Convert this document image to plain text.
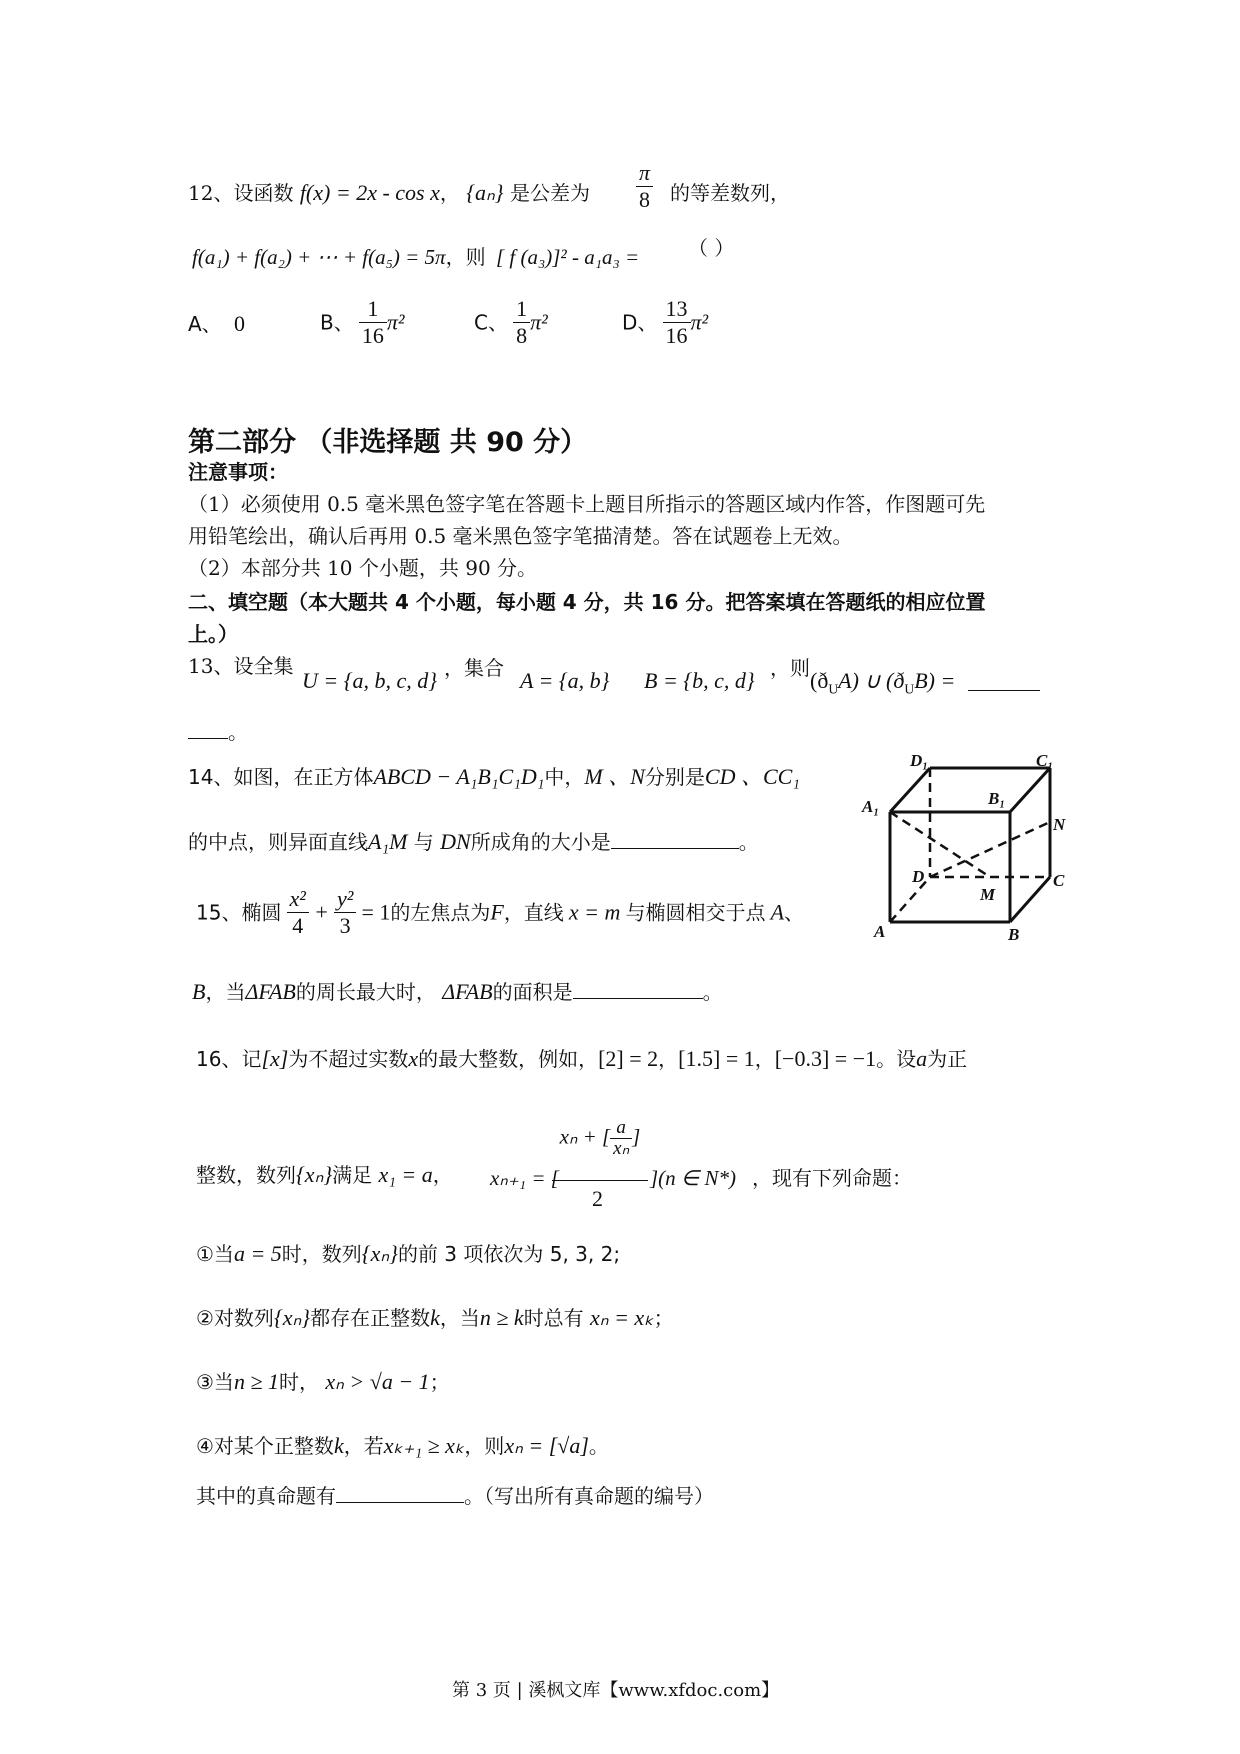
12、设函数 f(x) = 2x - cos x， {aₙ} 是公差为 $\frac{\pi}{8}$ 的等差数列，
f(a₁) + f(a₂) + ⋯ + f(a₅) = 5π，则 [ f (a₃)]² - a₁a₃ = （ ）
A、 0	B、 $\frac{1}{16} \pi^2$	C、 $\frac{1}{8} \pi^2$	D、 $\frac{13}{16} \pi^2$
第二部分 （非选择题 共 90 分）
注意事项：
（1）必须使用 0.5 毫米黑色签字笔在答题卡上题目所指示的答题区域内作答，作图题可先
用铅笔绘出，确认后再用 0.5 毫米黑色签字笔描清楚。答在试题卷上无效。
（2）本部分共 10 个小题，共 90 分。
二、填空题（本大题共 4 个小题，每小题 4 分，共 16 分。把答案填在答题纸的相应位置
上。）
13、设全集
U = {a, b, c, d} ，集合 A = {a, b} B = {b, c, d} ，则 $(ð_UA)$ ∪ $(ð_UB)$ =
。
14、如图，在正方体ABCD − A₁B₁C₁D₁中，M 、N分别是CD 、CC₁
的中点，则异面直线A₁M 与 DN所成角的大小是	。
D₁	C₁
A₁	B₁
N
D
M
C
A	B
15、椭圆 $\frac{\text{x²}}{4} + \frac{\text{y²}}{3} = 1$的左焦点为F，直线 x = m 与椭圆相交于点 A、
B，当ΔFAB的周长最大时， ΔFAB的面积是	。
16、记[x]为不超过实数x的最大整数，例如，[2] = 2，[1.5] = 1，[−0.3] = −1。设a为正
整数，数列{xₙ}满足 x₁ = a， xₙ₊₁ = [
xₙ + [ $\frac{a}{\text{xₙ}}$ ]
2
](n ∈ N*) ，现有下列命题：
①当a = 5时，数列{xₙ}的前 3 项依次为 5, 3, 2;
②对数列{xₙ}都存在正整数k，当n ≥ k时总有 xₙ = xₖ；
③当n ≥ 1时， xₙ > √a − 1；
④对某个正整数k，若xₖ₊₁ ≥ xₖ，则xₙ = [√a]。
其中的真命题有	。（写出所有真命题的编号）
第 3 页 | 溪枫文库【www.xfdoc.com】
